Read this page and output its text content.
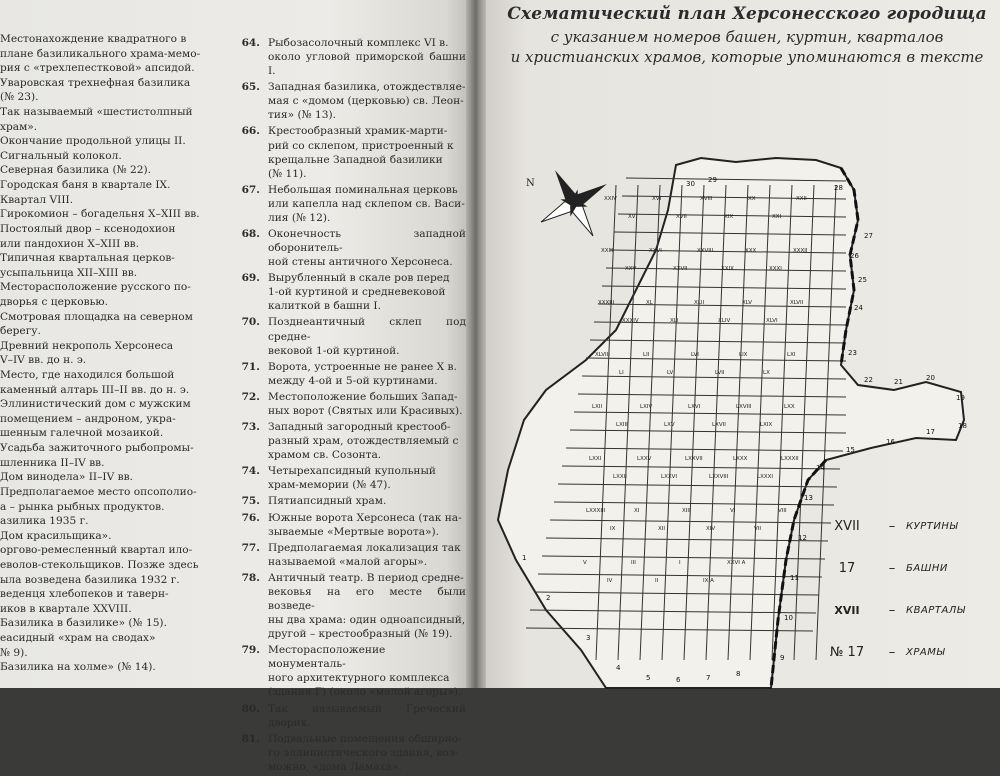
Местонахождение квадратного в
плане базиликального храма-мемо-
рия с «трехлепестковой» апсидой.
Уваровская трехнефная базилика
(№ 23).
Так называемый «шестистолпный
храм».
Окончание продольной улицы II.
Сигнальный колокол.
Северная базилика (№ 22).
Городская баня в квартале IX.
Квартал VIII.
Гирокомион – богадельня X–XIII вв.
Постоялый двор – ксенодохион
или пандохион X–XIII вв.
Типичная квартальная церков-
усыпальница XII–XIII вв.
Месторасположение русского по-
дворья с церковью.
Смотровая площадка на северном
берегу.
Древний некрополь Херсонеса
V–IV вв. до н. э.
Место, где находился большой
каменный алтарь III–II вв. до н. э.
Эллинистический дом с мужским
помещением – андроном, укра-
шенным галечной мозаикой.
Усадьба зажиточного рыбопромы-
шленника II–IV вв.
Дом винодела» II–IV вв.
Предполагаемое место опсополио-
а – рынка рыбных продуктов.
азилика 1935 г.
Дом красильщика».
орговo-ремесленный квартал ило-
еволов-стекольщиков. Позже здесь
ыла возведена базилика 1932 г.
веденця хлебопеков и таверн-
иков в квартале XXVIII.
Базилика в базилике» (№ 15).
еасидный «храм на сводах»
№ 9).
Базилика на холме» (№ 14).
64. Рыбозасолочный комплекс VI в.
около угловой приморской башни I.
65. Западная базилика, отождествляе-
мая с «домом (церковью) св. Леон-
тия» (№ 13).
66. Крестообразный храмик-марти-
рий со склепом, пристроенный к
крещальне Западной базилики
(№ 11).
67. Небольшая поминальная церковь
или капелла над склепом св. Васи-
лия (№ 12).
68. Оконечность западной оборонитель-
ной стены античного Херсонеса.
69. Вырубленный в скале ров перед
1-ой куртиной и средневековой
калиткой в башни I.
70. Позднеантичный склеп под средне-
вековой 1-ой куртиной.
71. Ворота, устроенные не ранее X в.
между 4-ой и 5-ой куртинами.
72. Местоположение больших Запад-
ных ворот (Святых или Красивых).
73. Западный загородный крестооб-
разный храм, отождествляемый с
храмом св. Созонта.
74. Четырехапсидный купольный
храм-мемории (№ 47).
75. Пятиапсидный храм.
76. Южные ворота Херсонеса (так на-
зываемые «Мертвые ворота»).
77. Предполагаемая локализация так
называемой «малой агоры».
78. Античный театр. В период средне-
вековья на его месте были возведе-
ны два храма: один одноапсидный,
другой – крестообразный (№ 19).
79. Месторасположение монументаль-
ного архитектурного комплекса
(здания Г) (около «малой агоры»).
80. Так называемый Греческий дворик.
81. Подвальные помещения обширно-
го эллинистического здания, воз-
можно, «дома Ламаха».
Схематический план Херсонесского городища
с указанием номеров башен, куртин, кварталов
и христианских храмов, которые упоминаются в тексте
N
XXIV
XV
XVI
XVII
XVIII
XIX
XX
XXI
XXII
XXIII
XXV
XXVI
XXVII
XXVIII
XXIX
XXX
XXXI
XXXII
XXXIII
XXXIV
XL
XLI
XLII
XLIV
XLV
XLVI
XLVII
XLVIII
LI
LII
LV
LVI
LVII
LIX
LX
LXI
LXII
LXIII
LXIV
LXV
LXVI
LXVII
LXVIII
LXIX
LXX
LXXI
LXXII
LXXV
LXXVI
LXXVII
LXXVIII
LXXX
LXXXI
LXXXII
LXXXIII
IX
XI
XII
XIII
XIV
VI
VII
VIII
V
IV
III
II
I
IX A
XXVI A
30 29
28
27
26
25
24
23
22	21	20
19
18
17
16
15
14
13
12
11
10
9
8
7
6
5
4
3
2
1
XVII	–	КУРТИНЫ
17	–	БАШНИ
XVII	–	КВАРТАЛЫ
№ 17	–	ХРАМЫ
